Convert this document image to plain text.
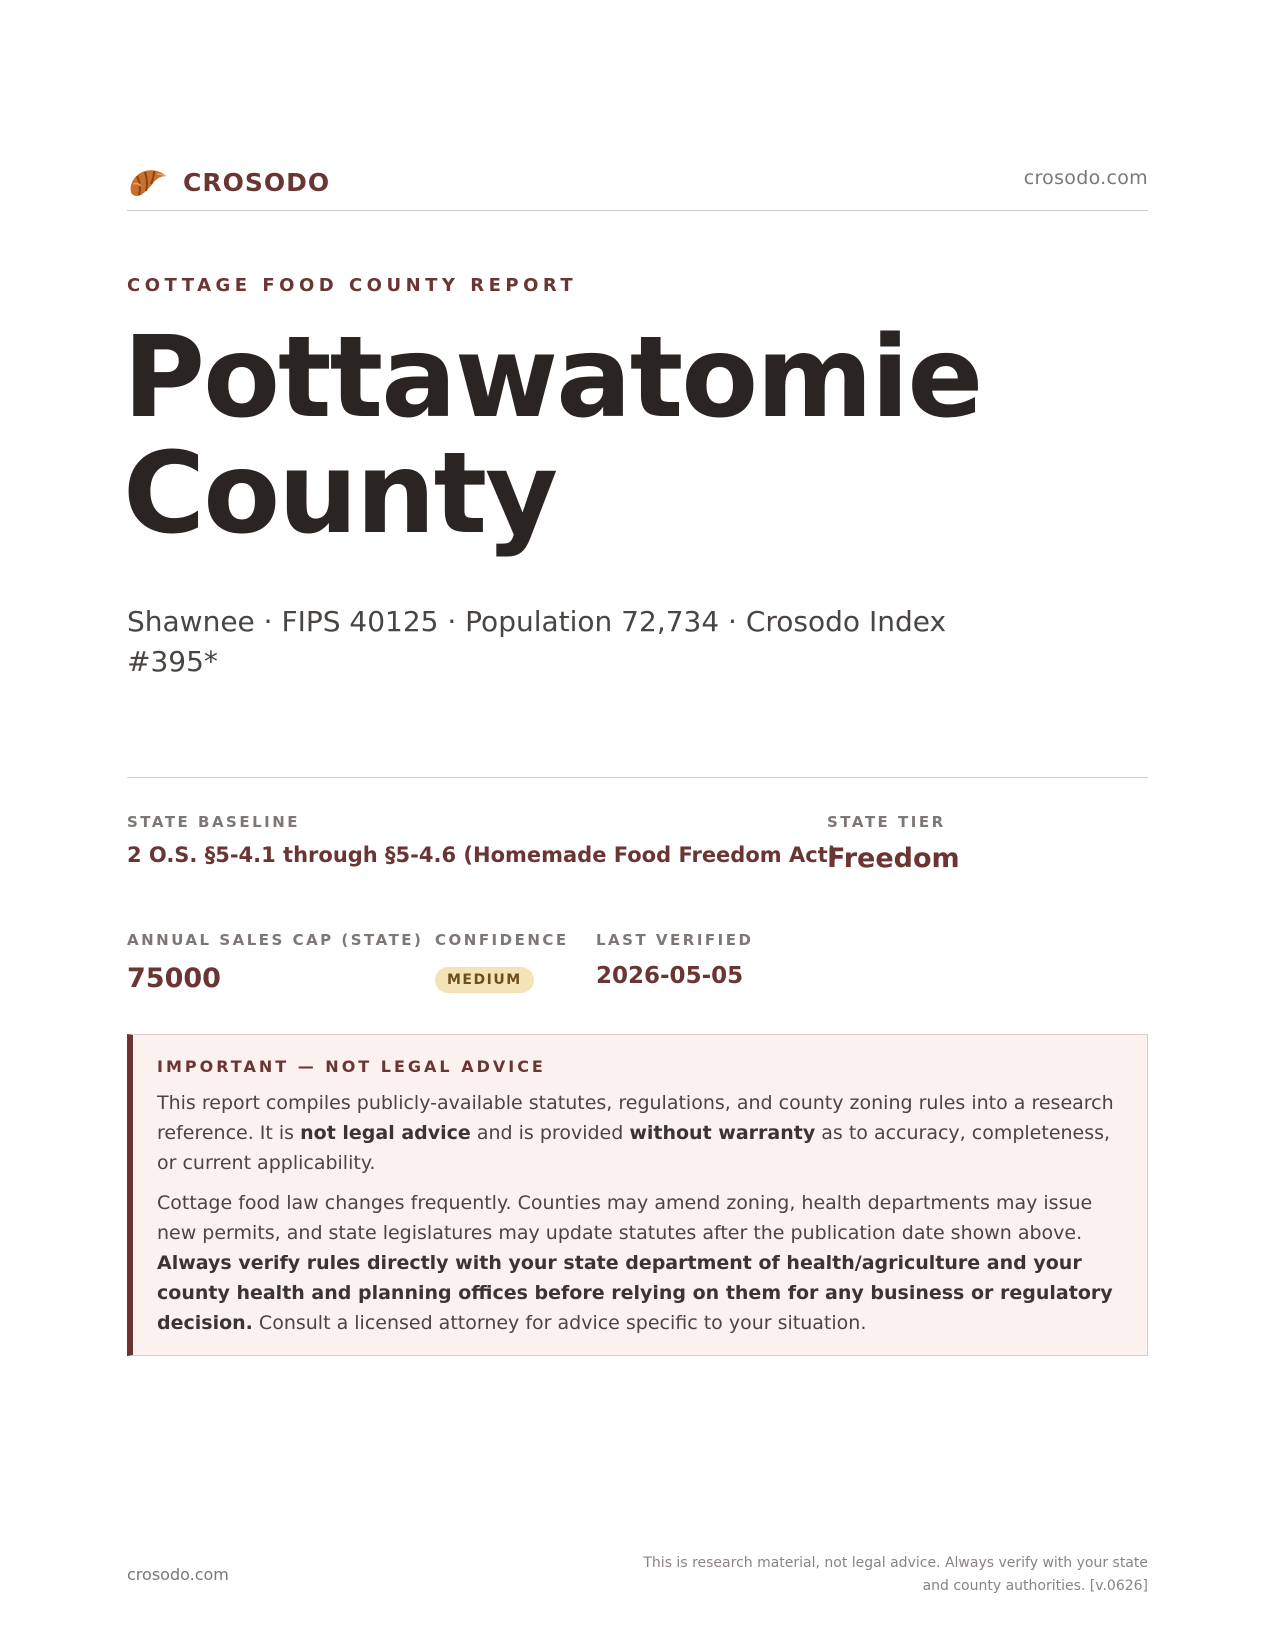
CROSODO	crosodo.com
COTTAGE FOOD COUNTY REPORT
Pottawatomie
County
Shawnee · FIPS 40125 · Population 72,734 · Crosodo Index #395*
STATE BASELINE
2 O.S. §5-4.1 through §5-4.6 (Homemade Food Freedom Act)
STATE TIER
Freedom
ANNUAL SALES CAP (STATE)
75000
CONFIDENCE
MEDIUM
LAST VERIFIED
2026-05-05
IMPORTANT — NOT LEGAL ADVICE

This report compiles publicly-available statutes, regulations, and county zoning rules into a research reference. It is not legal advice and is provided without warranty as to accuracy, completeness, or current applicability.

Cottage food law changes frequently. Counties may amend zoning, health departments may issue new permits, and state legislatures may update statutes after the publication date shown above. Always verify rules directly with your state department of health/agriculture and your county health and planning offices before relying on them for any business or regulatory decision. Consult a licensed attorney for advice specific to your situation.

crosodo.com
This is research material, not legal advice. Always verify with your state
and county authorities. [v.0626]
